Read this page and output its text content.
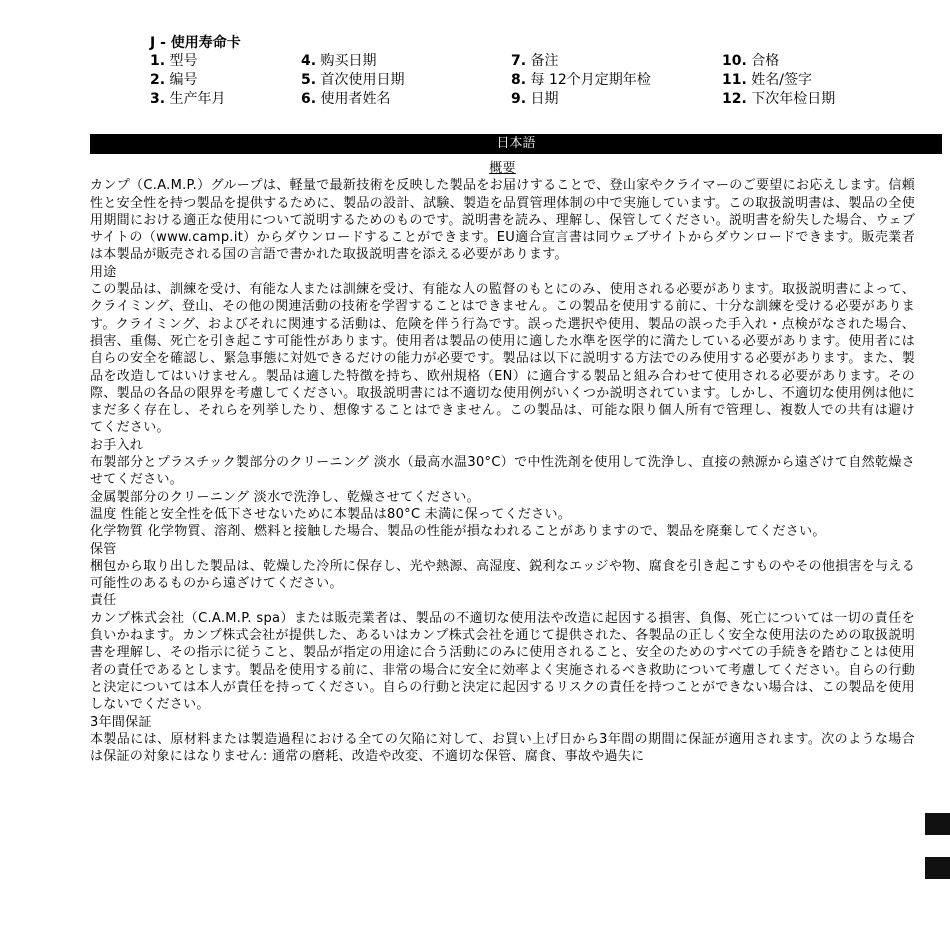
J - 使用寿命卡

1. 型号
2. 编号
3. 生产年月
4. 购买日期
5. 首次使用日期
6. 使用者姓名
7. 备注
8. 每 12个月定期年检
9. 日期
10. 合格
11. 姓名/签字
12. 下次年检日期
日本語

概要

カンプ（C.A.M.P.）グループは、軽量で最新技術を反映した製品をお届けすることで、登山家やクライマーのご要望にお応えします。信頼性と安全性を持つ製品を提供するために、製品の設計、試験、製造を品質管理体制の中で実施しています。この取扱説明書は、製品の全使用期間における適正な使用について説明するためのものです。説明書を読み、理解し、保管してください。説明書を紛失した場合、ウェブサイトの（www.camp.it）からダウンロードすることができます。EU適合宣言書は同ウェブサイトからダウンロードできます。販売業者は本製品が販売される国の言語で書かれた取扱説明書を添える必要があります。

用途

この製品は、訓練を受け、有能な人または訓練を受け、有能な人の監督のもとにのみ、使用される必要があります。取扱説明書によって、クライミング、登山、その他の関連活動の技術を学習することはできません。この製品を使用する前に、十分な訓練を受ける必要があります。クライミング、およびそれに関連する活動は、危険を伴う行為です。誤った選択や使用、製品の誤った手入れ・点検がなされた場合、損害、重傷、死亡を引き起こす可能性があります。使用者は製品の使用に適した水準を医学的に満たしている必要があります。使用者には自らの安全を確認し、緊急事態に対処できるだけの能力が必要です。製品は以下に説明する方法でのみ使用する必要があります。また、製品を改造してはいけません。製品は適した特徴を持ち、欧州規格（EN）に適合する製品と組み合わせて使用される必要があります。その際、製品の各品の限界を考慮してください。取扱説明書には不適切な使用例がいくつか説明されています。しかし、不適切な使用例は他にまだ多く存在し、それらを列挙したり、想像することはできません。この製品は、可能な限り個人所有で管理し、複数人での共有は避けてください。

お手入れ

布製部分とプラスチック製部分のクリーニング 淡水（最高水温30°C）で中性洗剤を使用して洗浄し、直接の熱源から遠ざけて自然乾燥させてください。

金属製部分のクリーニング 淡水で洗浄し、乾燥させてください。

温度 性能と安全性を低下させないために本製品は80°C 未満に保ってください。

化学物質 化学物質、溶剤、燃料と接触した場合、製品の性能が損なわれることがありますので、製品を廃棄してください。

保管

梱包から取り出した製品は、乾燥した冷所に保存し、光や熱源、高湿度、鋭利なエッジや物、腐食を引き起こすものやその他損害を与える可能性のあるものから遠ざけてください。

責任

カンプ株式会社（C.A.M.P. spa）または販売業者は、製品の不適切な使用法や改造に起因する損害、負傷、死亡については一切の責任を負いかねます。カンプ株式会社が提供した、あるいはカンプ株式会社を通じて提供された、各製品の正しく安全な使用法のための取扱説明書を理解し、その指示に従うこと、製品が指定の用途に合う活動にのみに使用されること、安全のためのすべての手続きを踏むことは使用者の責任であるとします。製品を使用する前に、非常の場合に安全に効率よく実施されるべき救助について考慮してください。自らの行動と決定については本人が責任を持ってください。自らの行動と決定に起因するリスクの責任を持つことができない場合は、この製品を使用しないでください。

3年間保証

本製品には、原材料または製造過程における全ての欠陥に対して、お買い上げ日から3年間の期間に保証が適用されます。次のような場合は保証の対象にはなりません: 通常の磨耗、改造や改変、不適切な保管、腐食、事故や過失に
